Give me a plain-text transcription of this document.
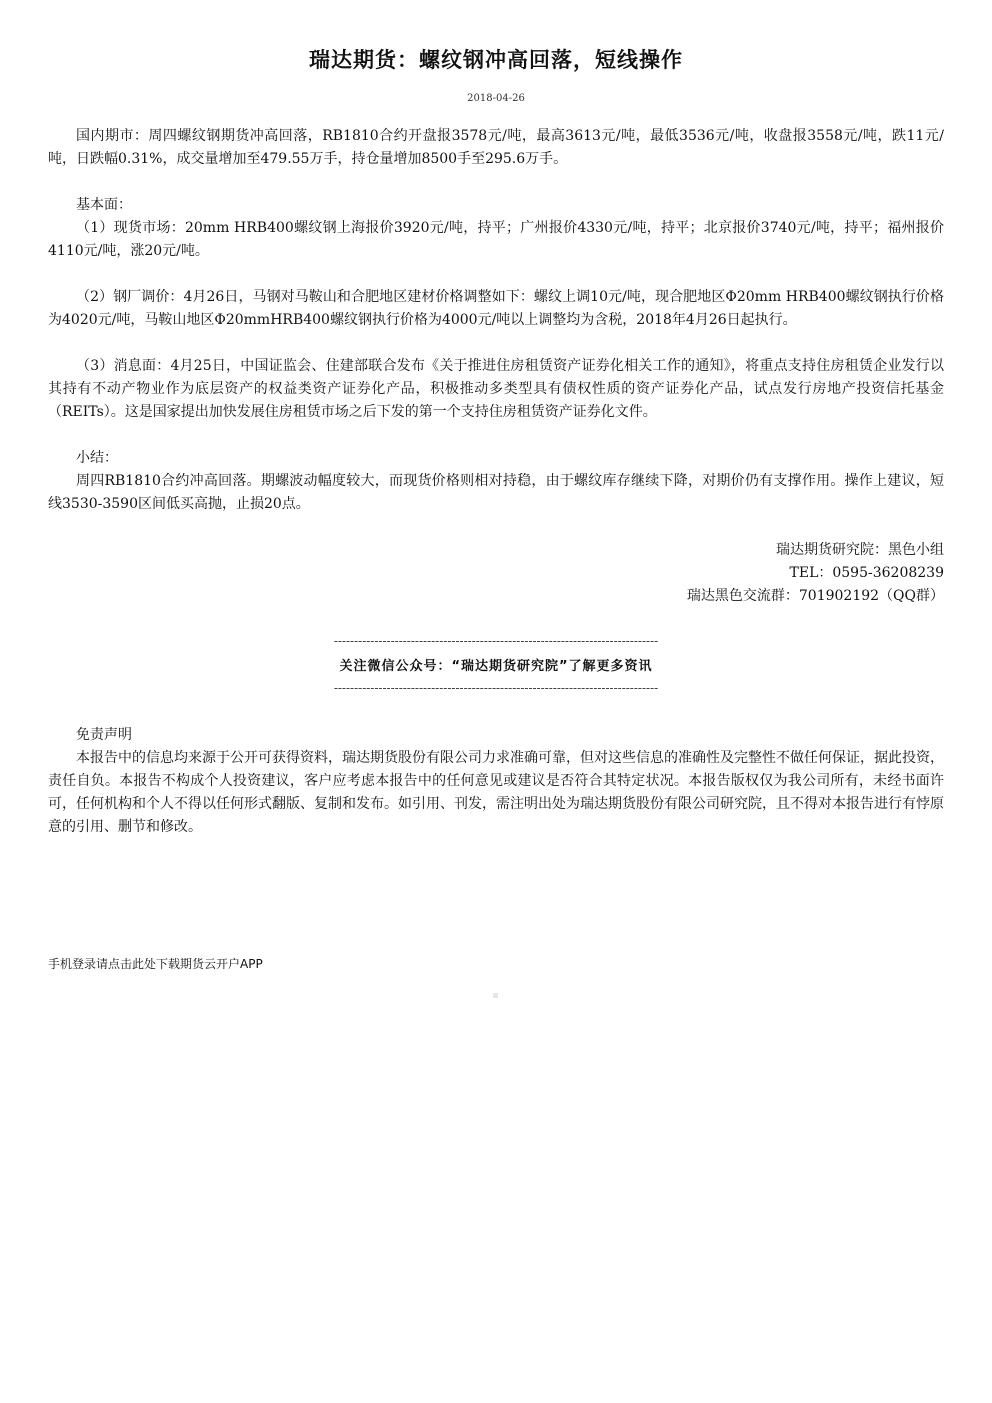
瑞达期货：螺纹钢冲高回落，短线操作
2018-04-26

国内期市：周四螺纹钢期货冲高回落，RB1810合约开盘报3578元/吨，最高3613元/吨，最低3536元/吨，收盘报3558元/吨，跌11元/吨，日跌幅0.31%，成交量增加至479.55万手，持仓量增加8500手至295.6万手。

基本面：

（1）现货市场：20mm HRB400螺纹钢上海报价3920元/吨，持平；广州报价4330元/吨，持平；北京报价3740元/吨，持平；福州报价4110元/吨，涨20元/吨。

（2）钢厂调价：4月26日，马钢对马鞍山和合肥地区建材价格调整如下：螺纹上调10元/吨，现合肥地区Φ20mm HRB400螺纹钢执行价格为4020元/吨，马鞍山地区Φ20mmHRB400螺纹钢执行价格为4000元/吨以上调整均为含税，2018年4月26日起执行。

（3）消息面：4月25日，中国证监会、住建部联合发布《关于推进住房租赁资产证券化相关工作的通知》，将重点支持住房租赁企业发行以其持有不动产物业作为底层资产的权益类资产证券化产品，积极推动多类型具有债权性质的资产证券化产品，试点发行房地产投资信托基金（REITs）。这是国家提出加快发展住房租赁市场之后下发的第一个支持住房租赁资产证券化文件。

小结：

周四RB1810合约冲高回落。期螺波动幅度较大，而现货价格则相对持稳，由于螺纹库存继续下降，对期价仍有支撑作用。操作上建议，短线3530-3590区间低买高抛，止损20点。

瑞达期货研究院：黑色小组
TEL：0595-36208239
瑞达黑色交流群：701902192（QQ群）
--------------------------------------------------------------------------------
关注微信公众号：“瑞达期货研究院”了解更多资讯
--------------------------------------------------------------------------------

免责声明

本报告中的信息均来源于公开可获得资料，瑞达期货股份有限公司力求准确可靠，但对这些信息的准确性及完整性不做任何保证，据此投资，责任自负。本报告不构成个人投资建议，客户应考虑本报告中的任何意见或建议是否符合其特定状况。本报告版权仅为我公司所有，未经书面许可，任何机构和个人不得以任何形式翻版、复制和发布。如引用、刊发，需注明出处为瑞达期货股份有限公司研究院，且不得对本报告进行有悖原意的引用、删节和修改。

手机登录请点击此处下载期货云开户APP
